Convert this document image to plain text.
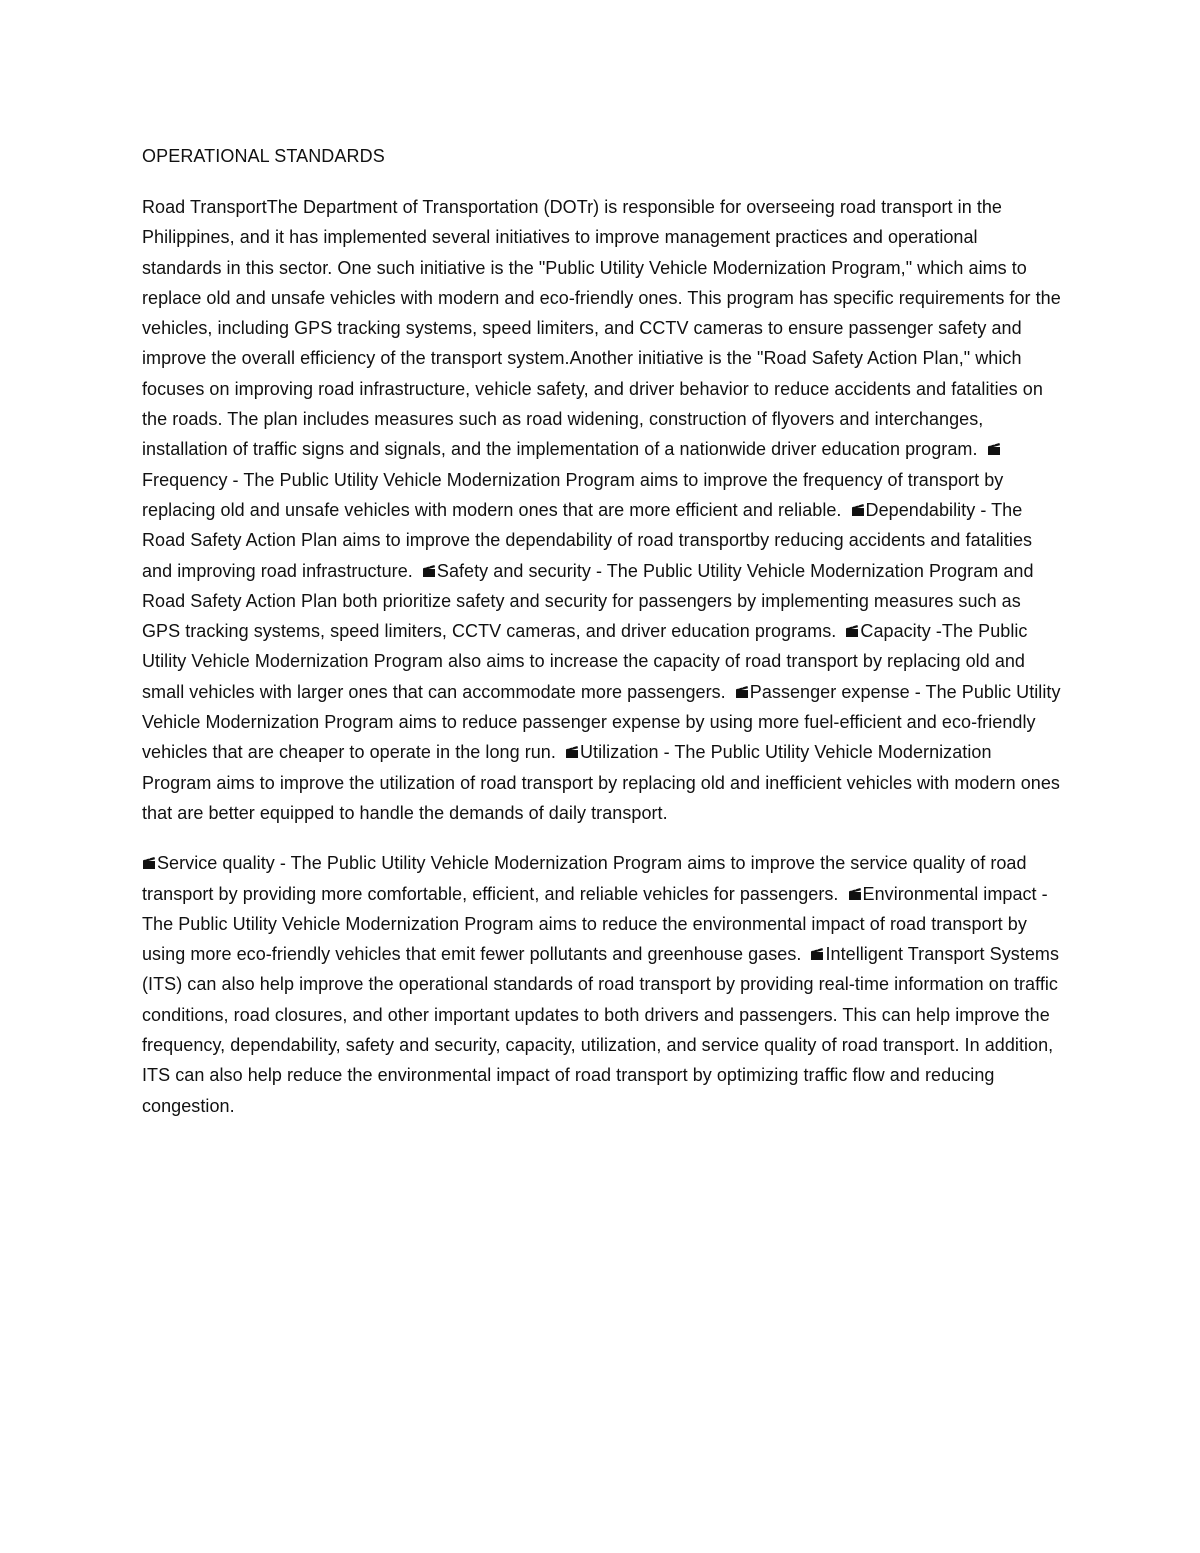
OPERATIONAL STANDARDS

Road TransportThe Department of Transportation (DOTr) is responsible for overseeing road transport in the Philippines, and it has implemented several initiatives to improve management practices and operational standards in this sector. One such initiative is the "Public Utility Vehicle Modernization Program," which aims to replace old and unsafe vehicles with modern and eco-friendly ones. This program has specific requirements for the vehicles, including GPS tracking systems, speed limiters, and CCTV cameras to ensure passenger safety and improve the overall efficiency of the transport system.Another initiative is the "Road Safety Action Plan," which focuses on improving road infrastructure, vehicle safety, and driver behavior to reduce accidents and fatalities on the roads. The plan includes measures such as road widening, construction of flyovers and interchanges, installation of traffic signs and signals, and the implementation of a nationwide driver education program.
Frequency - The Public Utility Vehicle Modernization Program aims to improve the frequency of transport by replacing old and unsafe vehicles with modern ones that are more efficient and reliable.
Dependability - The Road Safety Action Plan aims to improve the dependability of road transportby reducing accidents and fatalities and improving road infrastructure.
Safety and security - The Public Utility Vehicle Modernization Program and Road Safety Action Plan both prioritize safety and security for passengers by implementing measures such as GPS tracking systems, speed limiters, CCTV cameras, and driver education programs.
Capacity -The Public Utility Vehicle Modernization Program also aims to increase the capacity of road transport by replacing old and small vehicles with larger ones that can accommodate more passengers.
Passenger expense - The Public Utility Vehicle Modernization Program aims to reduce passenger expense by using more fuel-efficient and eco-friendly vehicles that are cheaper to operate in the long run.
Utilization - The Public Utility Vehicle Modernization Program aims to improve the utilization of road transport by replacing old and inefficient vehicles with modern ones that are better equipped to handle the demands of daily transport.

Service quality - The Public Utility Vehicle Modernization Program aims to improve the service quality of road transport by providing more comfortable, efficient, and reliable vehicles for passengers.
Environmental impact - The Public Utility Vehicle Modernization Program aims to reduce the environmental impact of road transport by using more eco-friendly vehicles that emit fewer pollutants and greenhouse gases.
Intelligent Transport Systems (ITS) can also help improve the operational standards of road transport by providing real-time information on traffic conditions, road closures, and other important updates to both drivers and passengers. This can help improve the frequency, dependability, safety and security, capacity, utilization, and service quality of road transport. In addition, ITS can also help reduce the environmental impact of road transport by optimizing traffic flow and reducing congestion.
